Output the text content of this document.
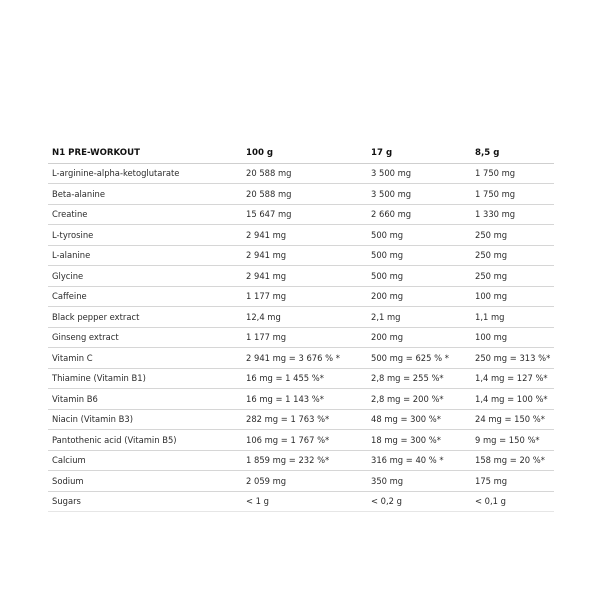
N1 PRE-WORKOUT	100 g	17 g	8,5 g
L-arginine-alpha-ketoglutarate	20 588 mg	3 500 mg	1 750 mg
Beta-alanine	20 588 mg	3 500 mg	1 750 mg
Creatine	15 647 mg	2 660 mg	1 330 mg
L-tyrosine	2 941 mg	500 mg	250 mg
L-alanine	2 941 mg	500 mg	250 mg
Glycine	2 941 mg	500 mg	250 mg
Caffeine	1 177 mg	200 mg	100 mg
Black pepper extract	12,4 mg	2,1 mg	1,1 mg
Ginseng extract	1 177 mg	200 mg	100 mg
Vitamin C	2 941 mg = 3 676 % *	500 mg = 625 % *	250 mg = 313 %*
Thiamine (Vitamin B1)	16 mg = 1 455 %*	2,8 mg = 255 %*	1,4 mg = 127 %*
Vitamin B6	16 mg = 1 143 %*	2,8 mg = 200 %*	1,4 mg = 100 %*
Niacin (Vitamin B3)	282 mg = 1 763 %*	48 mg = 300 %*	24 mg = 150 %*
Pantothenic acid (Vitamin B5)	106 mg = 1 767 %*	18 mg = 300 %*	9 mg = 150 %*
Calcium	1 859 mg = 232 %*	316 mg = 40 % *	158 mg = 20 %*
Sodium	2 059 mg	350 mg	175 mg
Sugars	< 1 g	< 0,2 g	< 0,1 g
